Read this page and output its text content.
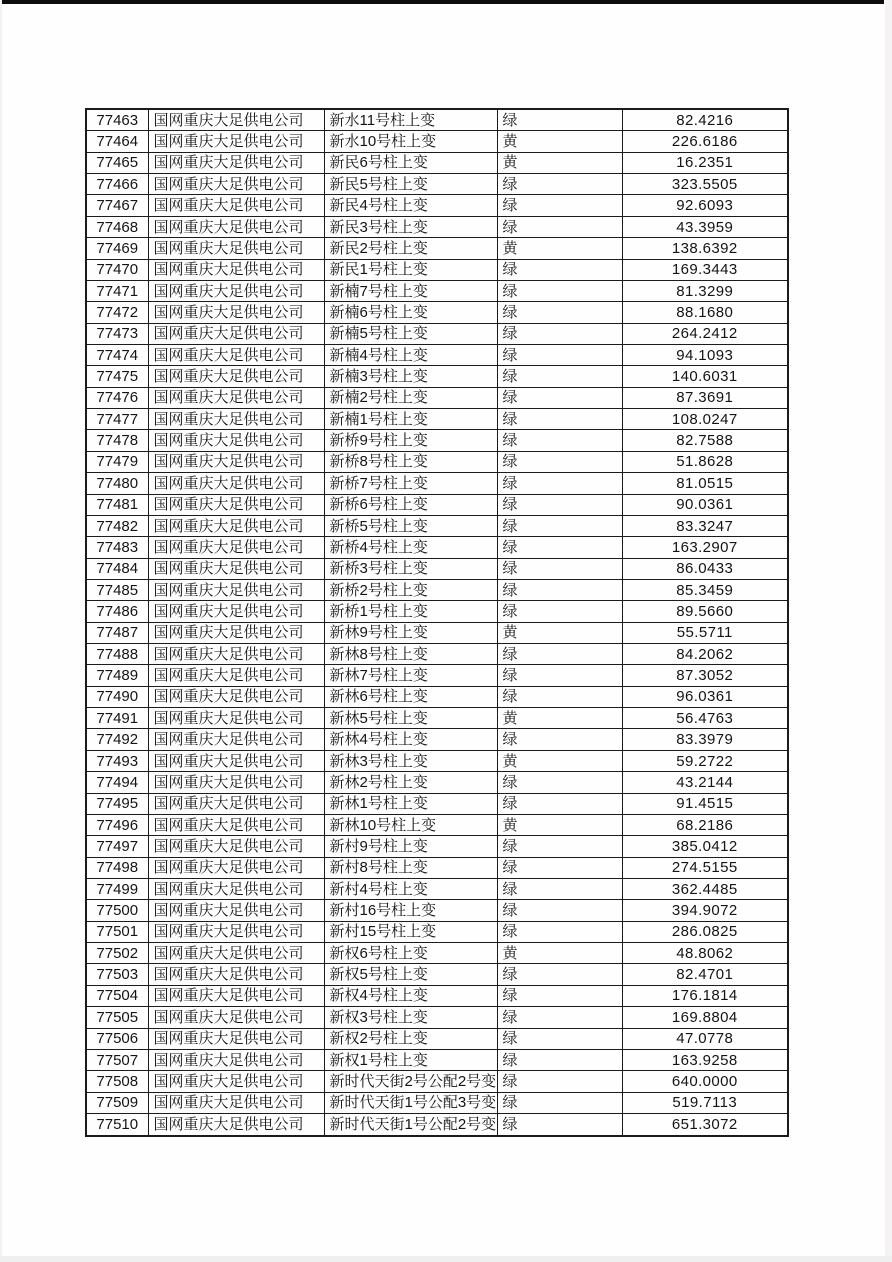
77463	国网重庆大足供电公司	新水11号柱上变	绿	82.4216
77464	国网重庆大足供电公司	新水10号柱上变	黄	226.6186
77465	国网重庆大足供电公司	新民6号柱上变	黄	16.2351
77466	国网重庆大足供电公司	新民5号柱上变	绿	323.5505
77467	国网重庆大足供电公司	新民4号柱上变	绿	92.6093
77468	国网重庆大足供电公司	新民3号柱上变	绿	43.3959
77469	国网重庆大足供电公司	新民2号柱上变	黄	138.6392
77470	国网重庆大足供电公司	新民1号柱上变	绿	169.3443
77471	国网重庆大足供电公司	新楠7号柱上变	绿	81.3299
77472	国网重庆大足供电公司	新楠6号柱上变	绿	88.1680
77473	国网重庆大足供电公司	新楠5号柱上变	绿	264.2412
77474	国网重庆大足供电公司	新楠4号柱上变	绿	94.1093
77475	国网重庆大足供电公司	新楠3号柱上变	绿	140.6031
77476	国网重庆大足供电公司	新楠2号柱上变	绿	87.3691
77477	国网重庆大足供电公司	新楠1号柱上变	绿	108.0247
77478	国网重庆大足供电公司	新桥9号柱上变	绿	82.7588
77479	国网重庆大足供电公司	新桥8号柱上变	绿	51.8628
77480	国网重庆大足供电公司	新桥7号柱上变	绿	81.0515
77481	国网重庆大足供电公司	新桥6号柱上变	绿	90.0361
77482	国网重庆大足供电公司	新桥5号柱上变	绿	83.3247
77483	国网重庆大足供电公司	新桥4号柱上变	绿	163.2907
77484	国网重庆大足供电公司	新桥3号柱上变	绿	86.0433
77485	国网重庆大足供电公司	新桥2号柱上变	绿	85.3459
77486	国网重庆大足供电公司	新桥1号柱上变	绿	89.5660
77487	国网重庆大足供电公司	新林9号柱上变	黄	55.5711
77488	国网重庆大足供电公司	新林8号柱上变	绿	84.2062
77489	国网重庆大足供电公司	新林7号柱上变	绿	87.3052
77490	国网重庆大足供电公司	新林6号柱上变	绿	96.0361
77491	国网重庆大足供电公司	新林5号柱上变	黄	56.4763
77492	国网重庆大足供电公司	新林4号柱上变	绿	83.3979
77493	国网重庆大足供电公司	新林3号柱上变	黄	59.2722
77494	国网重庆大足供电公司	新林2号柱上变	绿	43.2144
77495	国网重庆大足供电公司	新林1号柱上变	绿	91.4515
77496	国网重庆大足供电公司	新林10号柱上变	黄	68.2186
77497	国网重庆大足供电公司	新村9号柱上变	绿	385.0412
77498	国网重庆大足供电公司	新村8号柱上变	绿	274.5155
77499	国网重庆大足供电公司	新村4号柱上变	绿	362.4485
77500	国网重庆大足供电公司	新村16号柱上变	绿	394.9072
77501	国网重庆大足供电公司	新村15号柱上变	绿	286.0825
77502	国网重庆大足供电公司	新权6号柱上变	黄	48.8062
77503	国网重庆大足供电公司	新权5号柱上变	绿	82.4701
77504	国网重庆大足供电公司	新权4号柱上变	绿	176.1814
77505	国网重庆大足供电公司	新权3号柱上变	绿	169.8804
77506	国网重庆大足供电公司	新权2号柱上变	绿	47.0778
77507	国网重庆大足供电公司	新权1号柱上变	绿	163.9258
77508	国网重庆大足供电公司	新时代天街2号公配2号变	绿	640.0000
77509	国网重庆大足供电公司	新时代天街1号公配3号变	绿	519.7113
77510	国网重庆大足供电公司	新时代天街1号公配2号变	绿	651.3072
